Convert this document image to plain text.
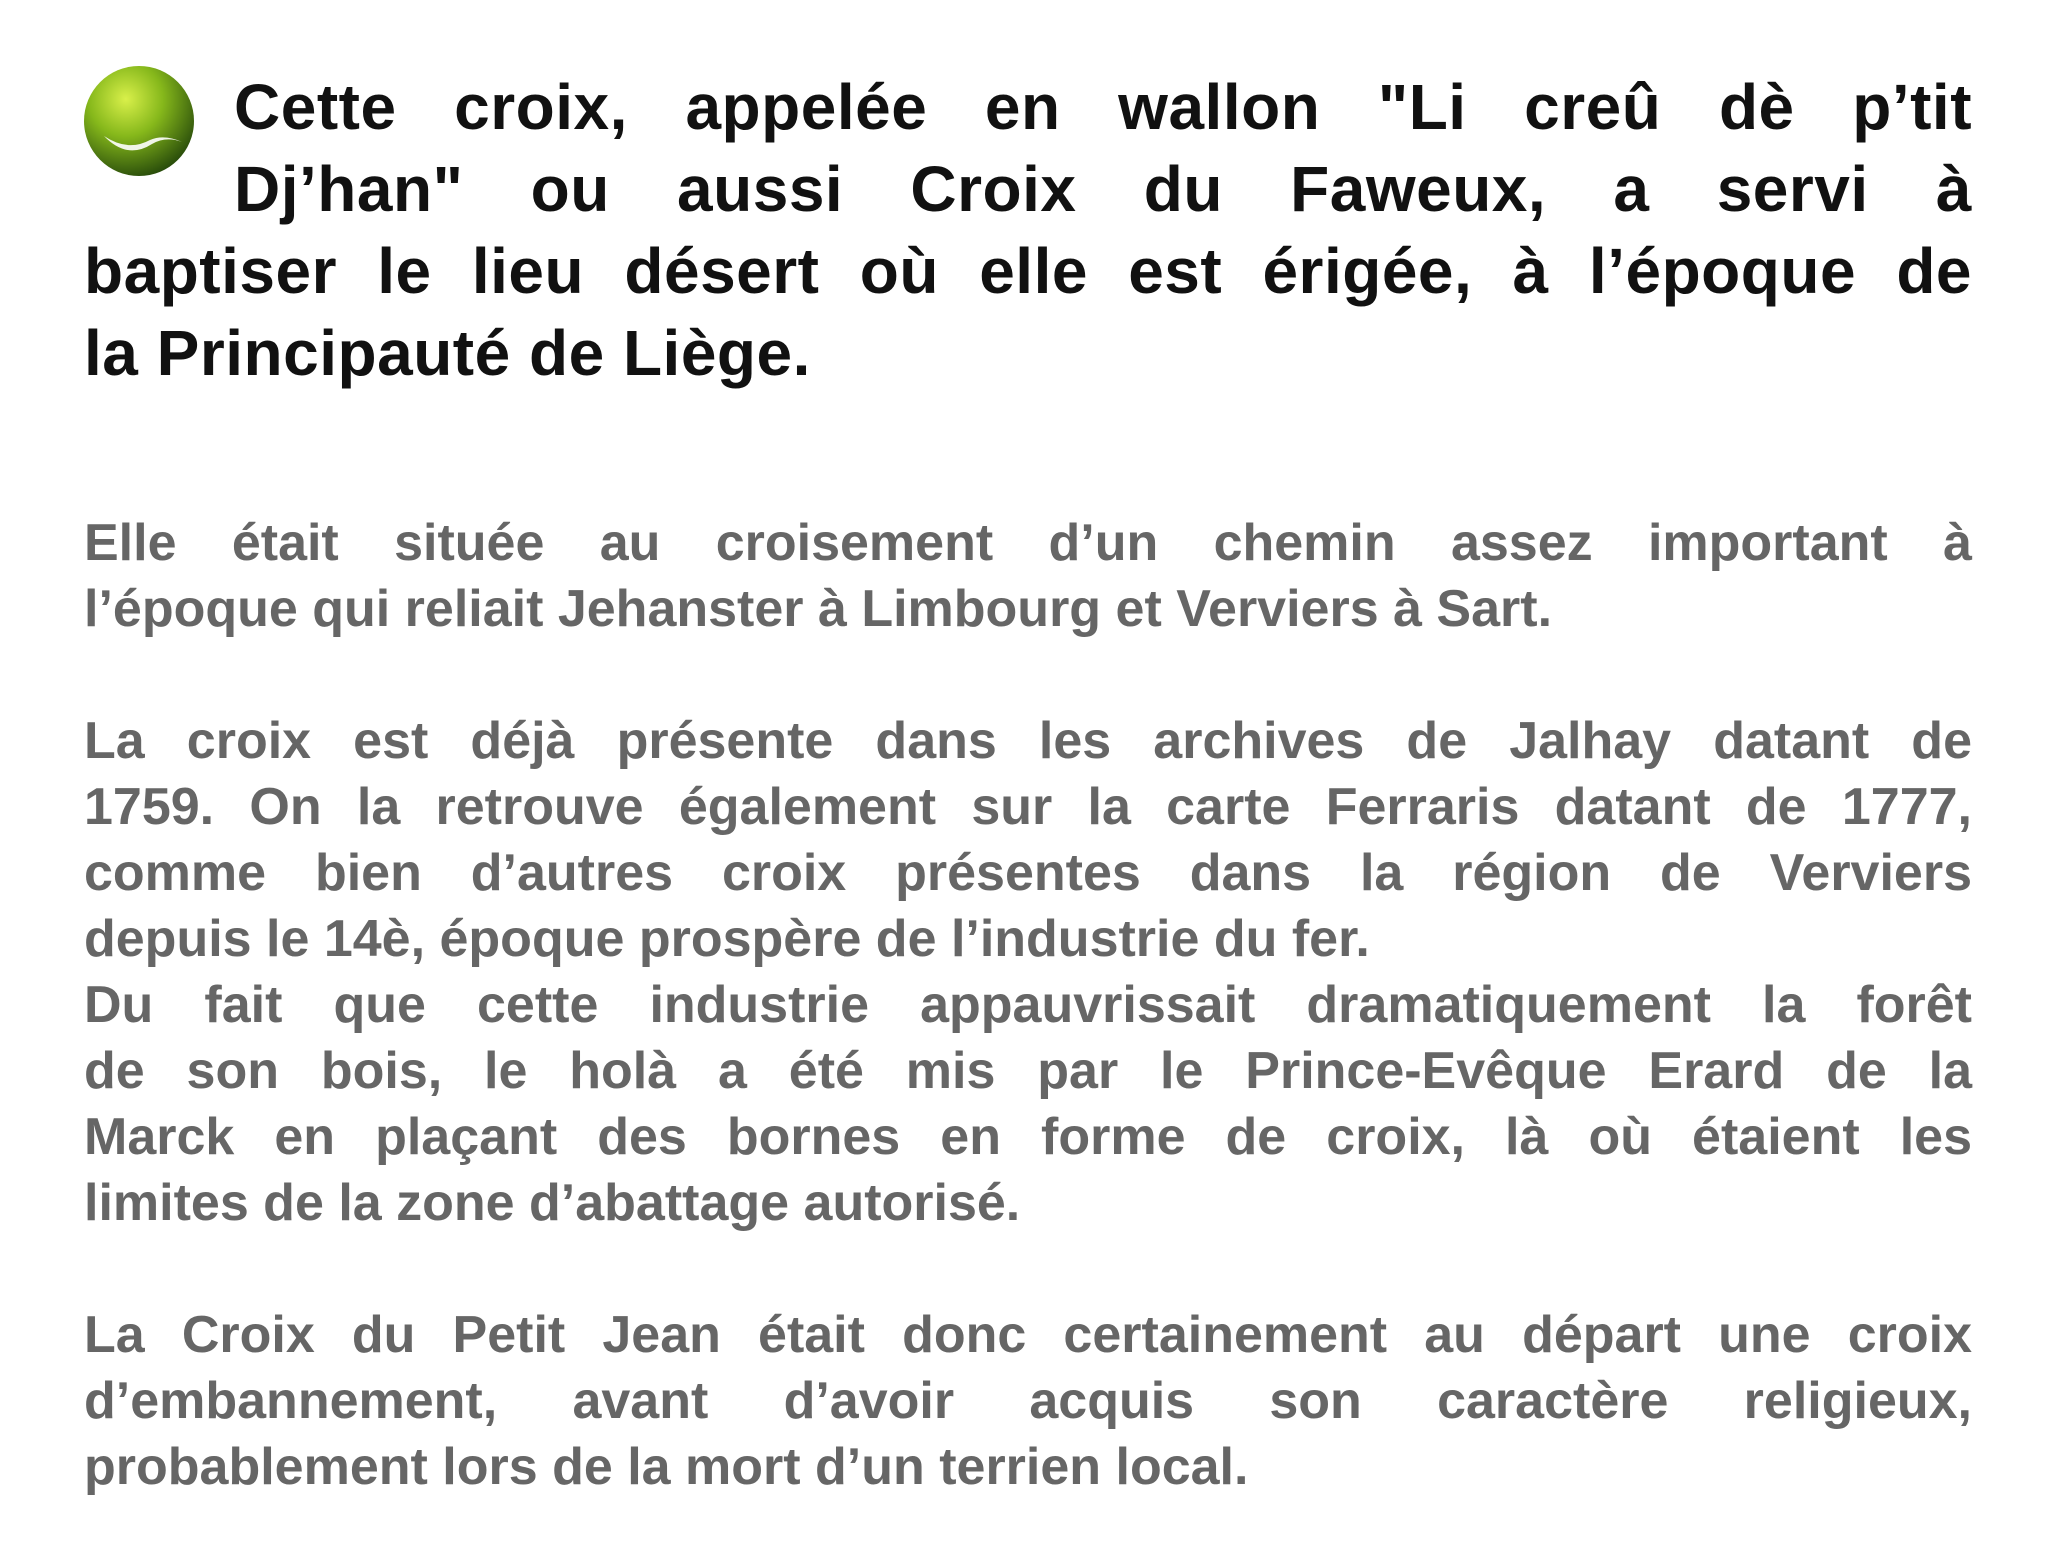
Cette croix, appelée en wallon "Li creû dè p’tit
Dj’han" ou aussi Croix du Faweux, a servi à
baptiser le lieu désert où elle est érigée, à l’époque de
la Principauté de Liège.

Elle était située au croisement d’un chemin assez important à
l’époque qui reliait Jehanster à Limbourg et Verviers à Sart.

La croix est déjà présente dans les archives de Jalhay datant de
1759. On la retrouve également sur la carte Ferraris datant de 1777,
comme bien d’autres croix présentes dans la région de Verviers
depuis le 14è, époque prospère de l’industrie du fer.

Du fait que cette industrie appauvrissait dramatiquement la forêt
de son bois, le holà a été mis par le Prince-Evêque Erard de la
Marck en plaçant des bornes en forme de croix, là où étaient les
limites de la zone d’abattage autorisé.

La Croix du Petit Jean était donc certainement au départ une croix
d’embannement, avant d’avoir acquis son caractère religieux,
probablement lors de la mort d’un terrien local.
